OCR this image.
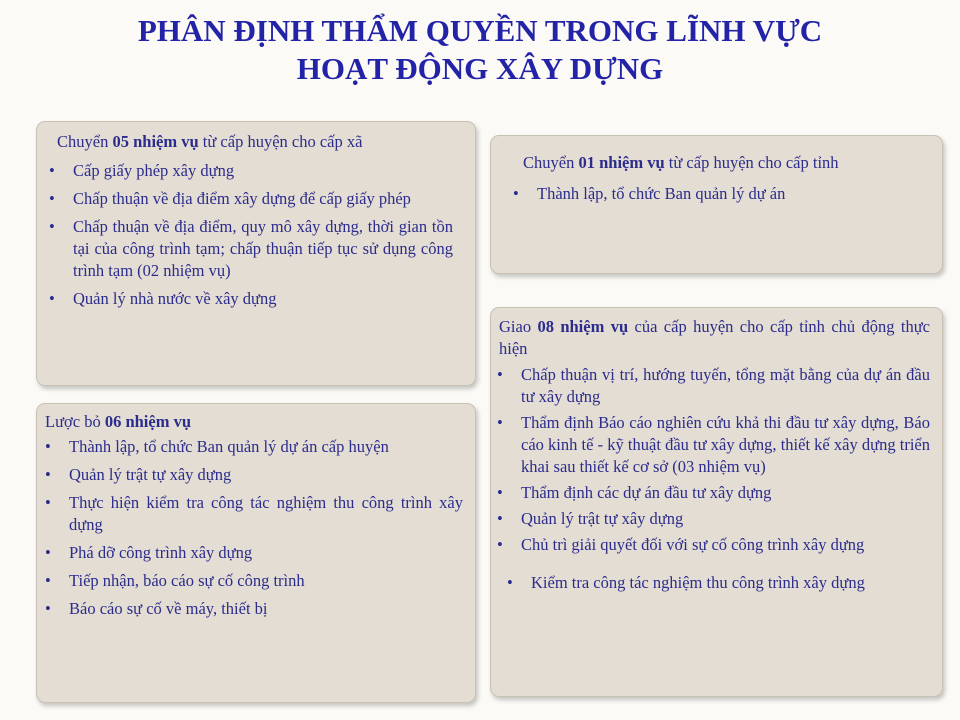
PHÂN ĐỊNH THẨM QUYỀN TRONG LĨNH VỰC
HOẠT ĐỘNG XÂY DỰNG

Chuyển 05 nhiệm vụ từ cấp huyện cho cấp xã

• Cấp giấy phép xây dựng
• Chấp thuận về địa điểm xây dựng để cấp giấy phép
• Chấp thuận về địa điểm, quy mô xây dựng, thời gian tồn tại của công trình tạm; chấp thuận tiếp tục sử dụng công trình tạm (02 nhiệm vụ)
• Quản lý nhà nước về xây dựng

Chuyển 01 nhiệm vụ từ cấp huyện cho cấp tỉnh

• Thành lập, tổ chức Ban quản lý dự án

Lược bỏ 06 nhiệm vụ

• Thành lập, tổ chức Ban quản lý dự án cấp huyện
• Quản lý trật tự xây dựng
• Thực hiện kiểm tra công tác nghiệm thu công trình xây dựng
• Phá dỡ công trình xây dựng
• Tiếp nhận, báo cáo sự cố công trình
• Báo cáo sự cố về máy, thiết bị

Giao 08 nhiệm vụ của cấp huyện cho cấp tỉnh chủ động thực hiện

• Chấp thuận vị trí, hướng tuyến, tổng mặt bằng của dự án đầu tư xây dựng
• Thẩm định Báo cáo nghiên cứu khả thi đầu tư xây dựng, Báo cáo kinh tế - kỹ thuật đầu tư xây dựng, thiết kế xây dựng triển khai sau thiết kế cơ sở (03 nhiệm vụ)
• Thẩm định các dự án đầu tư xây dựng
• Quản lý trật tự xây dựng
• Chủ trì giải quyết đối với sự cố công trình xây dựng
• Kiểm tra công tác nghiệm thu công trình xây dựng
